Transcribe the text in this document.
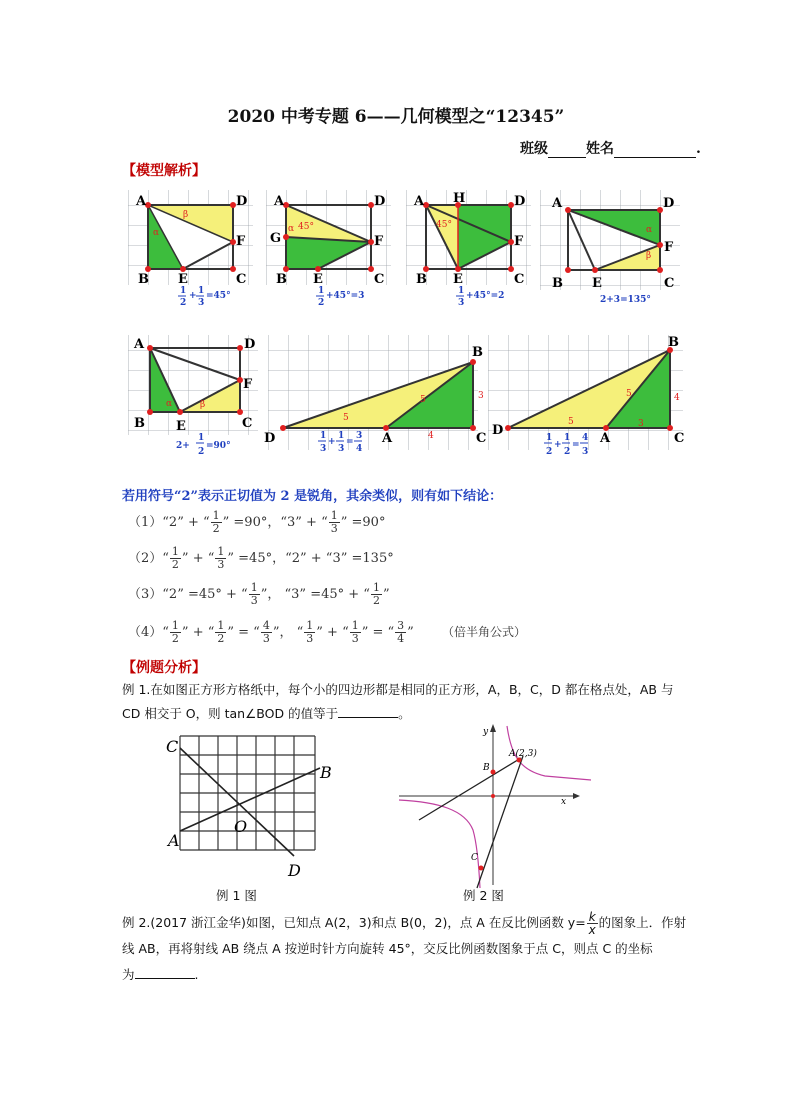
2020 中考专题 6——几何模型之“12345”
班级	姓名	.
【模型解析】
A	D
B	C
E
F
β
α
1
2
+ 1
3
=45°
A	D
G
B	C
E
F
45°
α
1
2
+45°=3
A H	D
B	C
E
F
45°
1
3
+45°=2
A	D
B	C
E
F
α
β
2+3=135°
A	D
B	C
E
F
α	β
2+
1
2
=90°	D	A	C
B
5
5	3
4
1
3
+
1
3
=
3
4
D
A	C
B
5
5	4
3
1
2
+
1
2
=
4
3
若用符号“2”表示正切值为 2 是锐角，其余类似，则有如下结论：
（1）“2” + “ $\frac{1}{2}$ ” =90°，“3” + “ $\frac{1}{3}$ ” =90°
（2）“ $\frac{1}{2}$ ” + “ $\frac{1}{3}$ ” =45°，“2” + “3” =135°
（3）“2” =45° + “ $\frac{1}{3}$ ”， “3” =45° + “ $\frac{1}{2}$ ”
（4）“ $\frac{1}{2}$ ” + “ $\frac{1}{2}$ ” = “ $\frac{4}{3}$ ”， “ $\frac{1}{3}$ ” + “ $\frac{1}{3}$ ” = “ $\frac{3}{4}$ ” （倍半角公式）
【例题分析】
例 1.在如图正方形方格纸中，每个小的四边形都是相同的正方形，A，B，C，D 都在格点处，AB 与
CD 相交于 O，则 tan∠BOD 的值等于	。
C
B
A
O
D
例 1 图
x
y
A(2,3)
B
C
例 2 图
例 2.(2017 浙江金华)如图，已知点 A(2，3)和点 B(0，2)，点 A 在反比例函数 $y= \frac{k}{x}$ 的图象上．作射
线 AB，再将射线 AB 绕点 A 按逆时针方向旋转 45°，交反比例函数图象于点 C，则点 C 的坐标
为	.
